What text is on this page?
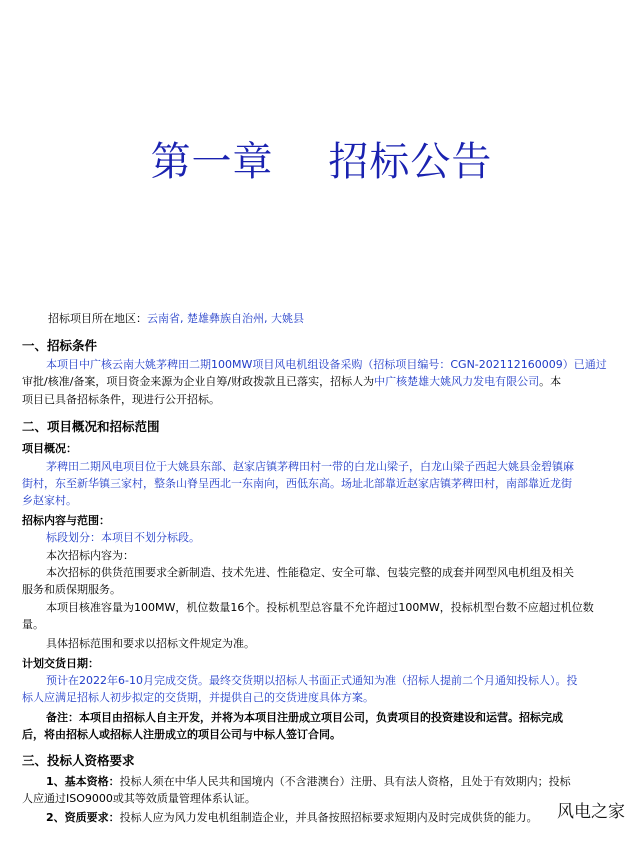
第一章    招标公告
招标项目所在地区：云南省, 楚雄彝族自治州, 大姚县
一、招标条件
本项目中广核云南大姚茅稗田二期100MW项目风电机组设备采购（招标项目编号：CGN-202112160009）已通过
审批/核准/备案，项目资金来源为企业自筹/财政拨款且已落实，招标人为中广核楚雄大姚风力发电有限公司。本
项目已具备招标条件，现进行公开招标。
二、项目概况和招标范围
项目概况：
茅稗田二期风电项目位于大姚县东部、赵家店镇茅稗田村一带的白龙山梁子，白龙山梁子西起大姚县金碧镇麻
街村，东至新华镇三家村，整条山脊呈西北一东南向，西低东高。场址北部靠近赵家店镇茅稗田村，南部靠近龙街
乡赵家村。
招标内容与范围：
标段划分：本项目不划分标段。
本次招标内容为：
本次招标的供货范围要求全新制造、技术先进、性能稳定、安全可靠、包装完整的成套并网型风电机组及相关
服务和质保期服务。
本项目核准容量为100MW，机位数量16个。投标机型总容量不允许超过100MW，投标机型台数不应超过机位数
量。
具体招标范围和要求以招标文件规定为准。
计划交货日期：
预计在2022年6-10月完成交货。最终交货期以招标人书面正式通知为准（招标人提前二个月通知投标人）。投
标人应满足招标人初步拟定的交货期，并提供自己的交货进度具体方案。
备注：本项目由招标人自主开发，并将为本项目注册成立项目公司，负责项目的投资建设和运营。招标完成
后，将由招标人或招标人注册成立的项目公司与中标人签订合同。
三、投标人资格要求
1、基本资格：投标人须在中华人民共和国境内（不含港澳台）注册、具有法人资格，且处于有效期内；投标
人应通过ISO9000或其等效质量管理体系认证。
2、资质要求：投标人应为风力发电机组制造企业，并具备按照招标要求短期内及时完成供货的能力。 风电之家
